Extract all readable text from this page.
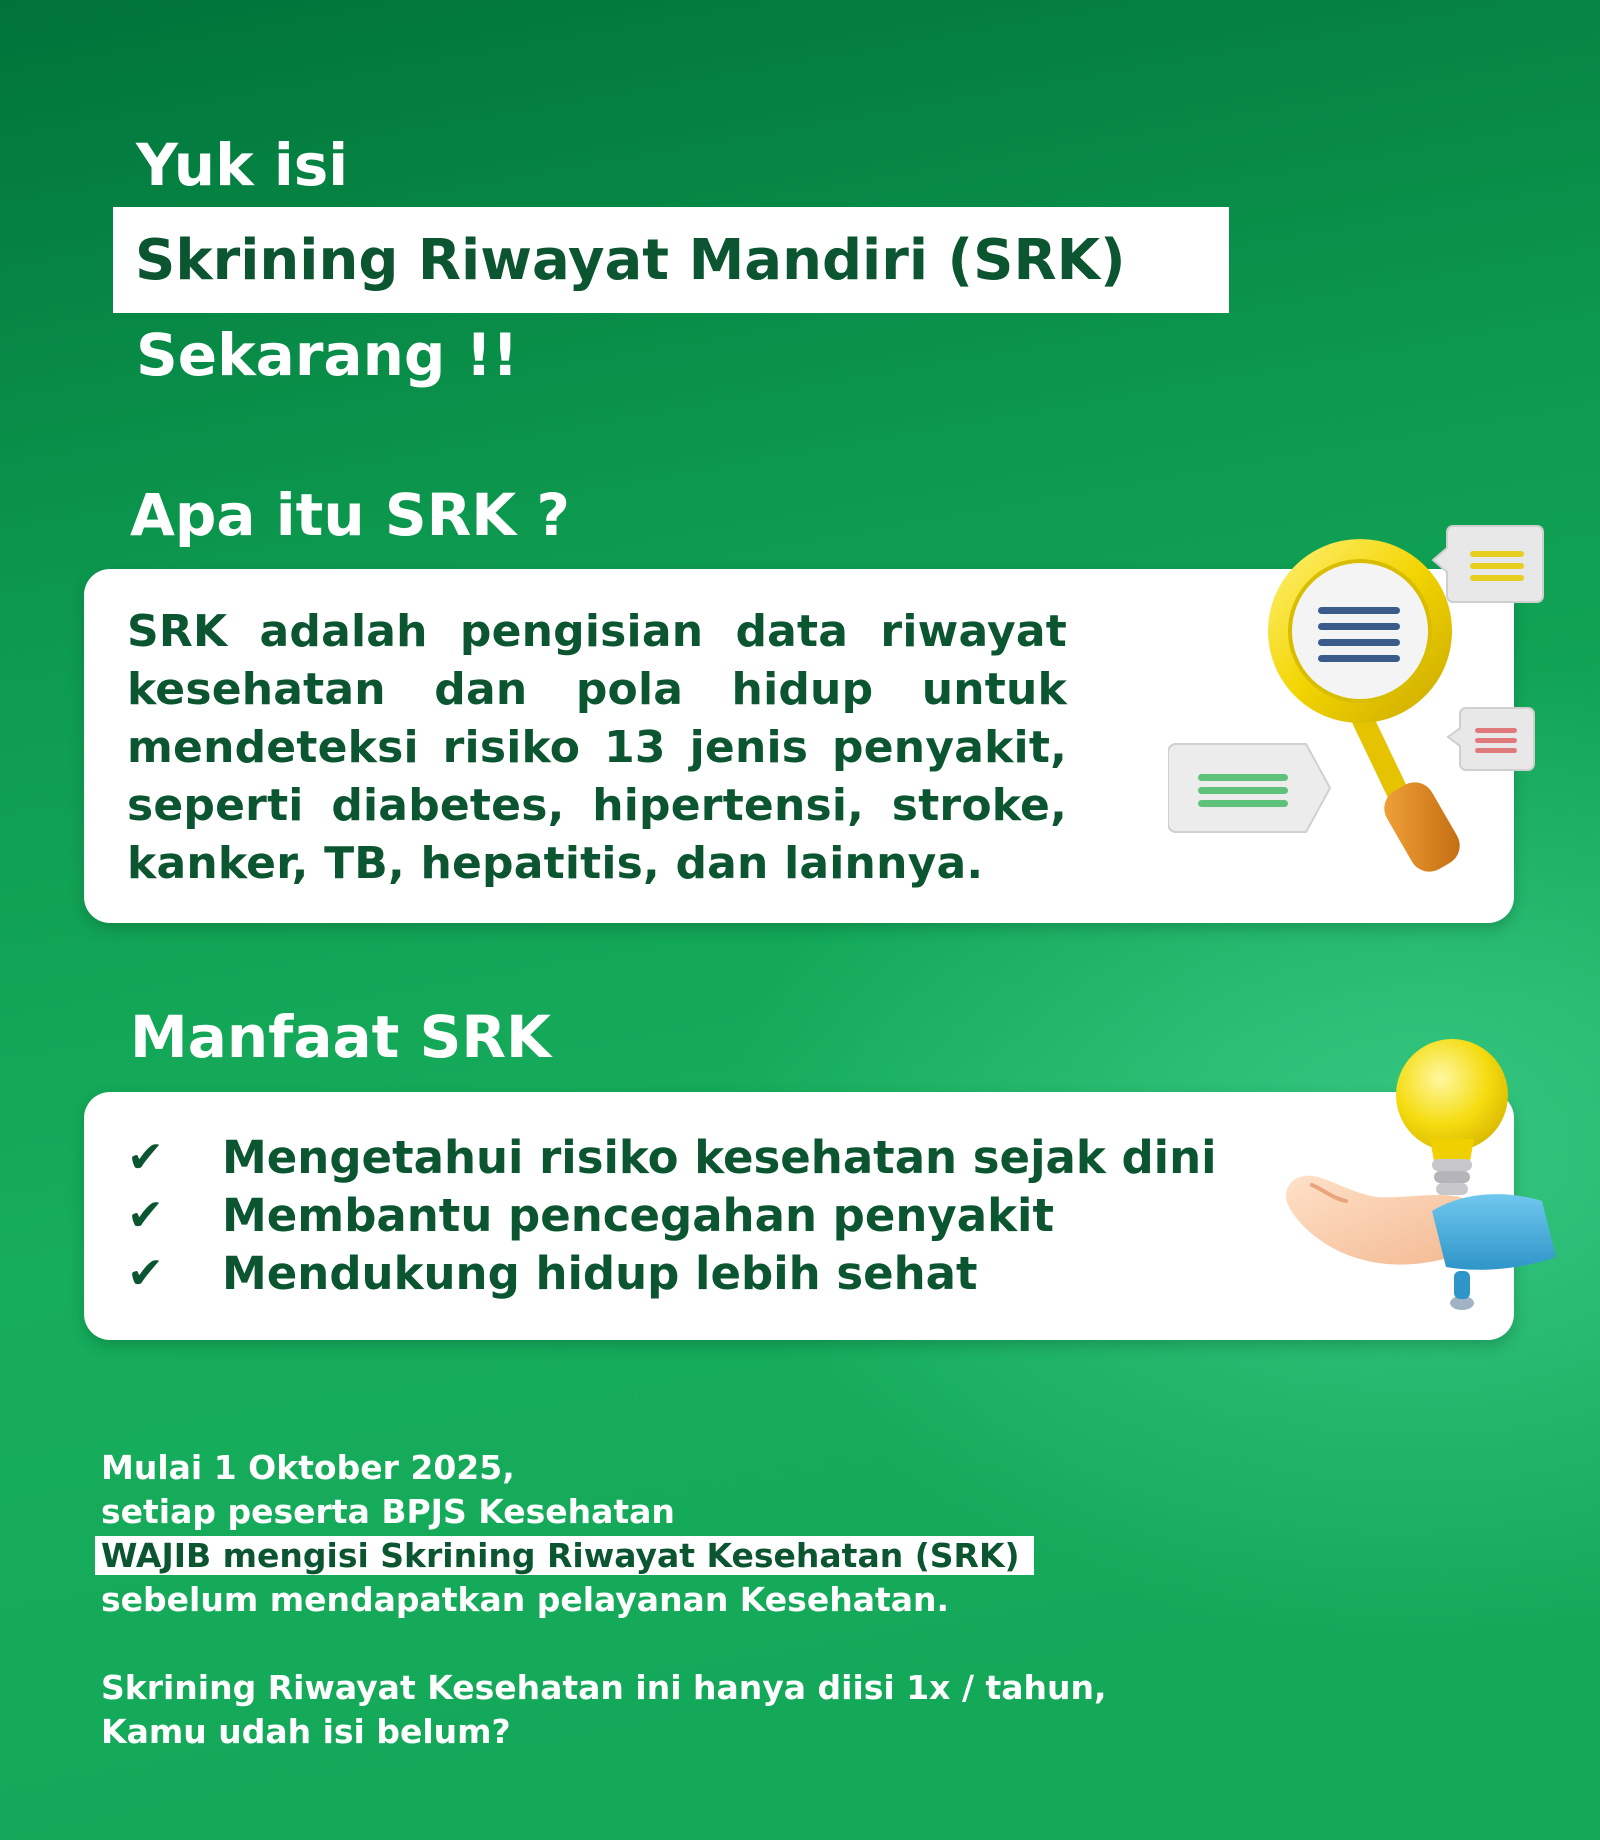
Yuk isi
Skrining Riwayat Mandiri (SRK)
Sekarang !!
Apa itu SRK ?
SRK adalah pengisian data riwayat kesehatan dan pola hidup untuk mendeteksi risiko 13 jenis penyakit, seperti diabetes, hipertensi, stroke, kanker, TB, hepatitis, dan lainnya.
Manfaat SRK
✔	Mengetahui risiko kesehatan sejak dini
✔	Membantu pencegahan penyakit
✔	Mendukung hidup lebih sehat

Mulai 1 Oktober 2025,

setiap peserta BPJS Kesehatan

WAJIB mengisi Skrining Riwayat Kesehatan (SRK)

sebelum mendapatkan pelayanan Kesehatan.

Skrining Riwayat Kesehatan ini hanya diisi 1x / tahun,

Kamu udah isi belum?
